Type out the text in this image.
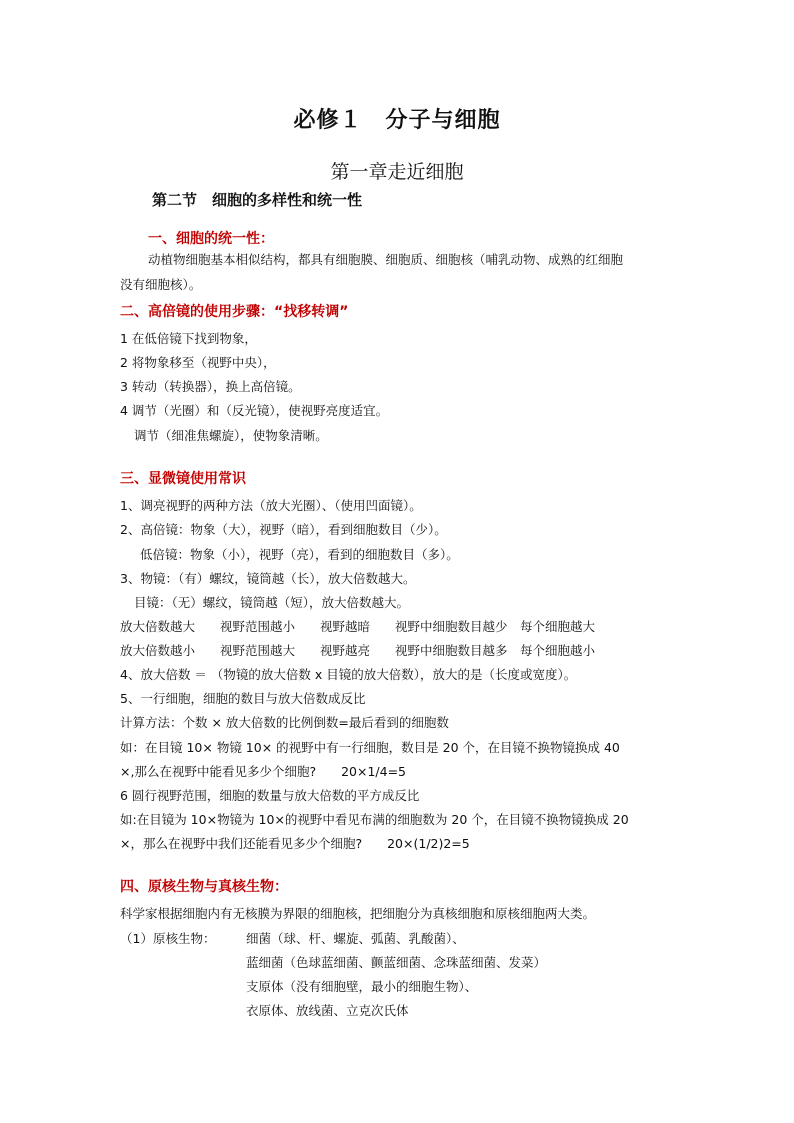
必修１　分子与细胞
第一章走近细胞
第二节　细胞的多样性和统一性
一、细胞的统一性：
动植物细胞基本相似结构，都具有细胞膜、细胞质、细胞核（哺乳动物、成熟的红细胞
没有细胞核）。
二、高倍镜的使用步骤：“找移转调”
1 在低倍镜下找到物象，
2 将物象移至（视野中央），
3 转动（转换器），换上高倍镜。
4 调节（光圈）和（反光镜），使视野亮度适宜。
调节（细准焦螺旋），使物象清晰。
三、显微镜使用常识
1、调亮视野的两种方法（放大光圈）、（使用凹面镜）。
2、高倍镜：物象（大），视野（暗），看到细胞数目（少）。
低倍镜：物象（小），视野（亮），看到的细胞数目（多）。
3、物镜：（有）螺纹，镜筒越（长），放大倍数越大。
目镜：（无）螺纹，镜筒越（短），放大倍数越大。
放大倍数越大　　视野范围越小　　视野越暗　　视野中细胞数目越少　每个细胞越大
放大倍数越小　　视野范围越大　　视野越亮　　视野中细胞数目越多　每个细胞越小
4、放大倍数 ＝ （物镜的放大倍数 x 目镜的放大倍数），放大的是（长度或宽度）。
5、一行细胞，细胞的数目与放大倍数成反比
计算方法：个数 × 放大倍数的比例倒数=最后看到的细胞数
如：在目镜 10× 物镜 10× 的视野中有一行细胞，数目是 20 个，在目镜不换物镜换成 40
×,那么在视野中能看见多少个细胞?　　20×1/4=5
6 圆行视野范围，细胞的数量与放大倍数的平方成反比
如:在目镜为 10×物镜为 10×的视野中看见布满的细胞数为 20 个，在目镜不换物镜换成 20
×，那么在视野中我们还能看见多少个细胞?　　20×(1/2)2=5
四、原核生物与真核生物：
科学家根据细胞内有无核膜为界限的细胞核，把细胞分为真核细胞和原核细胞两大类。
（1）原核生物： 细菌（球、杆、螺旋、弧菌、乳酸菌）、
蓝细菌（色球蓝细菌、颤蓝细菌、念珠蓝细菌、发菜）
支原体（没有细胞壁，最小的细胞生物）、
衣原体、放线菌、立克次氏体
